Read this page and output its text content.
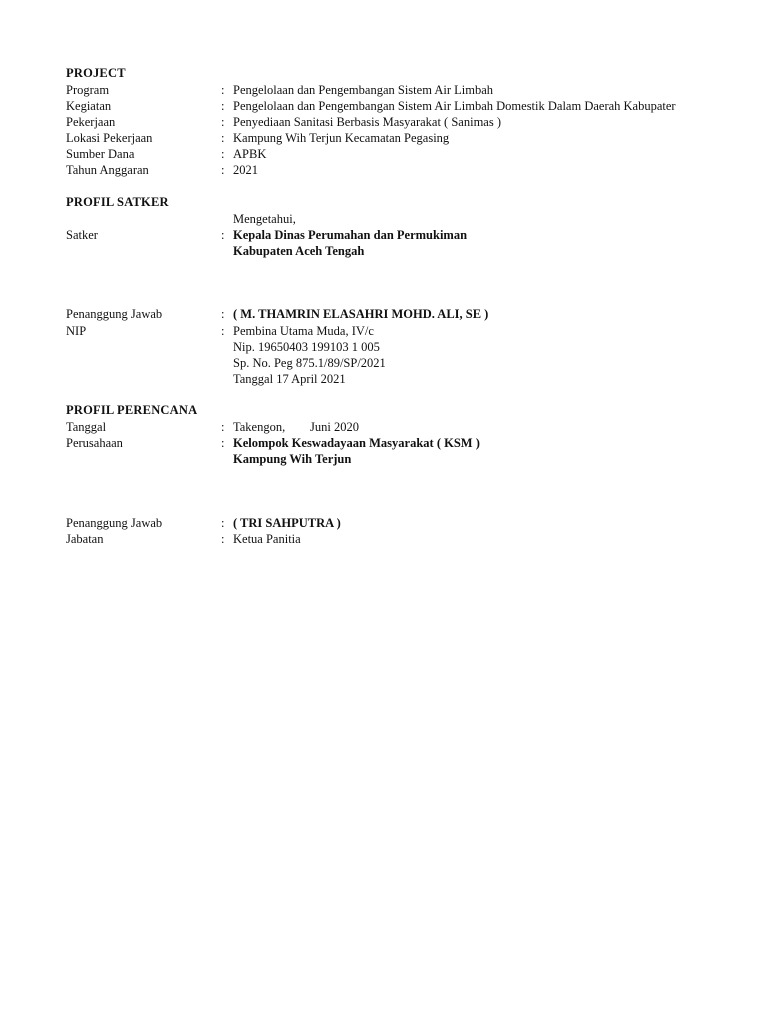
PROJECT
Program	: Pengelolaan dan Pengembangan Sistem Air Limbah
Kegiatan	: Pengelolaan dan Pengembangan Sistem Air Limbah Domestik Dalam Daerah Kabupater
Pekerjaan	: Penyediaan Sanitasi Berbasis Masyarakat ( Sanimas )
Lokasi Pekerjaan	: Kampung Wih Terjun Kecamatan Pegasing
Sumber Dana	: APBK
Tahun Anggaran	: 2021
PROFIL SATKER
Mengetahui,
Satker	: Kepala Dinas Perumahan dan Permukiman
Kabupaten Aceh Tengah
Penanggung Jawab	: ( M. THAMRIN ELASAHRI MOHD. ALI, SE )
NIP	: Pembina Utama Muda, IV/c
Nip. 19650403 199103 1 005
Sp. No. Peg 875.1/89/SP/2021
Tanggal 17 April 2021
PROFIL PERENCANA
Tanggal	: Takengon, Juni 2020
Perusahaan	: Kelompok Keswadayaan Masyarakat ( KSM )
Kampung Wih Terjun
Penanggung Jawab	: ( TRI SAHPUTRA )
Jabatan	: Ketua Panitia
